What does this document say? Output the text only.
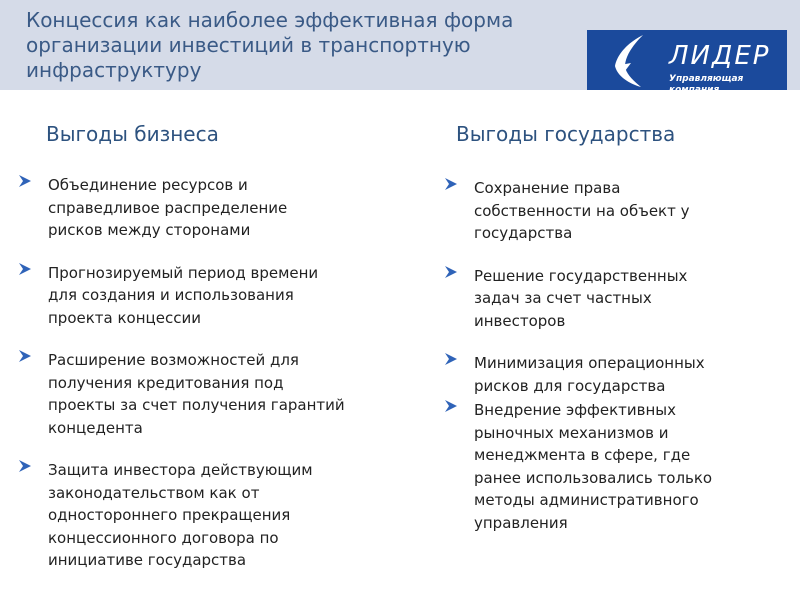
Концессия как наиболее эффективная форма
организации инвестиций в транспортную
инфраструктуру	ЛИДЕР
Управляющая компания
Выгоды бизнеса	Выгоды государства
Объединение ресурсов и
справедливое распределение
рисков между сторонами
Прогнозируемый период времени
для создания и использования
проекта концессии
Расширение возможностей для
получения кредитования под
проекты за счет получения гарантий
концедента
Защита инвестора действующим
законодательством как от
одностороннего прекращения
концессионного договора по
инициативе государства
Сохранение права
собственности на объект у
государства
Решение государственных
задач за счет частных
инвесторов
Минимизация операционных
рисков для государства
Внедрение эффективных
рыночных механизмов и
менеджмента в сфере, где
ранее использовались только
методы административного
управления
